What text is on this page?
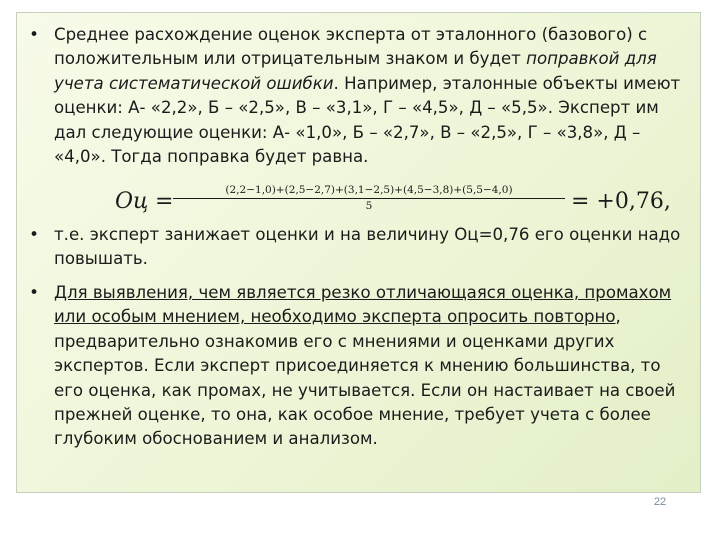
• Среднее расхождение оценок эксперта от эталонного (базового) с положительным или отрицательным знаком и будет поправкой для учета систематической ошибки. Например, эталонные объекты имеют оценки: А- «2,2», Б – «2,5», В – «3,1», Г – «4,5», Д – «5,5». Эксперт им дал следующие оценки: А- «1,0», Б – «2,7», В – «2,5», Г – «3,8», Д – «4,0». Тогда поправка будет равна.
Оц = $\frac{(2,2-1,0)+(2,5-2,7)+(3,1-2,5)+(4,5-3,8)+(5,5-4,0)}{5} = +0,76$,
• т.е. эксперт занижает оценки и на величину Оц=0,76 его оценки надо повышать.
• Для выявления, чем является резко отличающаяся оценка, промахом или особым мнением, необходимо эксперта опросить повторно, предварительно ознакомив его с мнениями и оценками других экспертов. Если эксперт присоединяется к мнению большинства, то его оценка, как промах, не учитывается. Если он настаивает на своей прежней оценке, то она, как особое мнение, требует учета с более глубоким обоснованием и анализом.
22
